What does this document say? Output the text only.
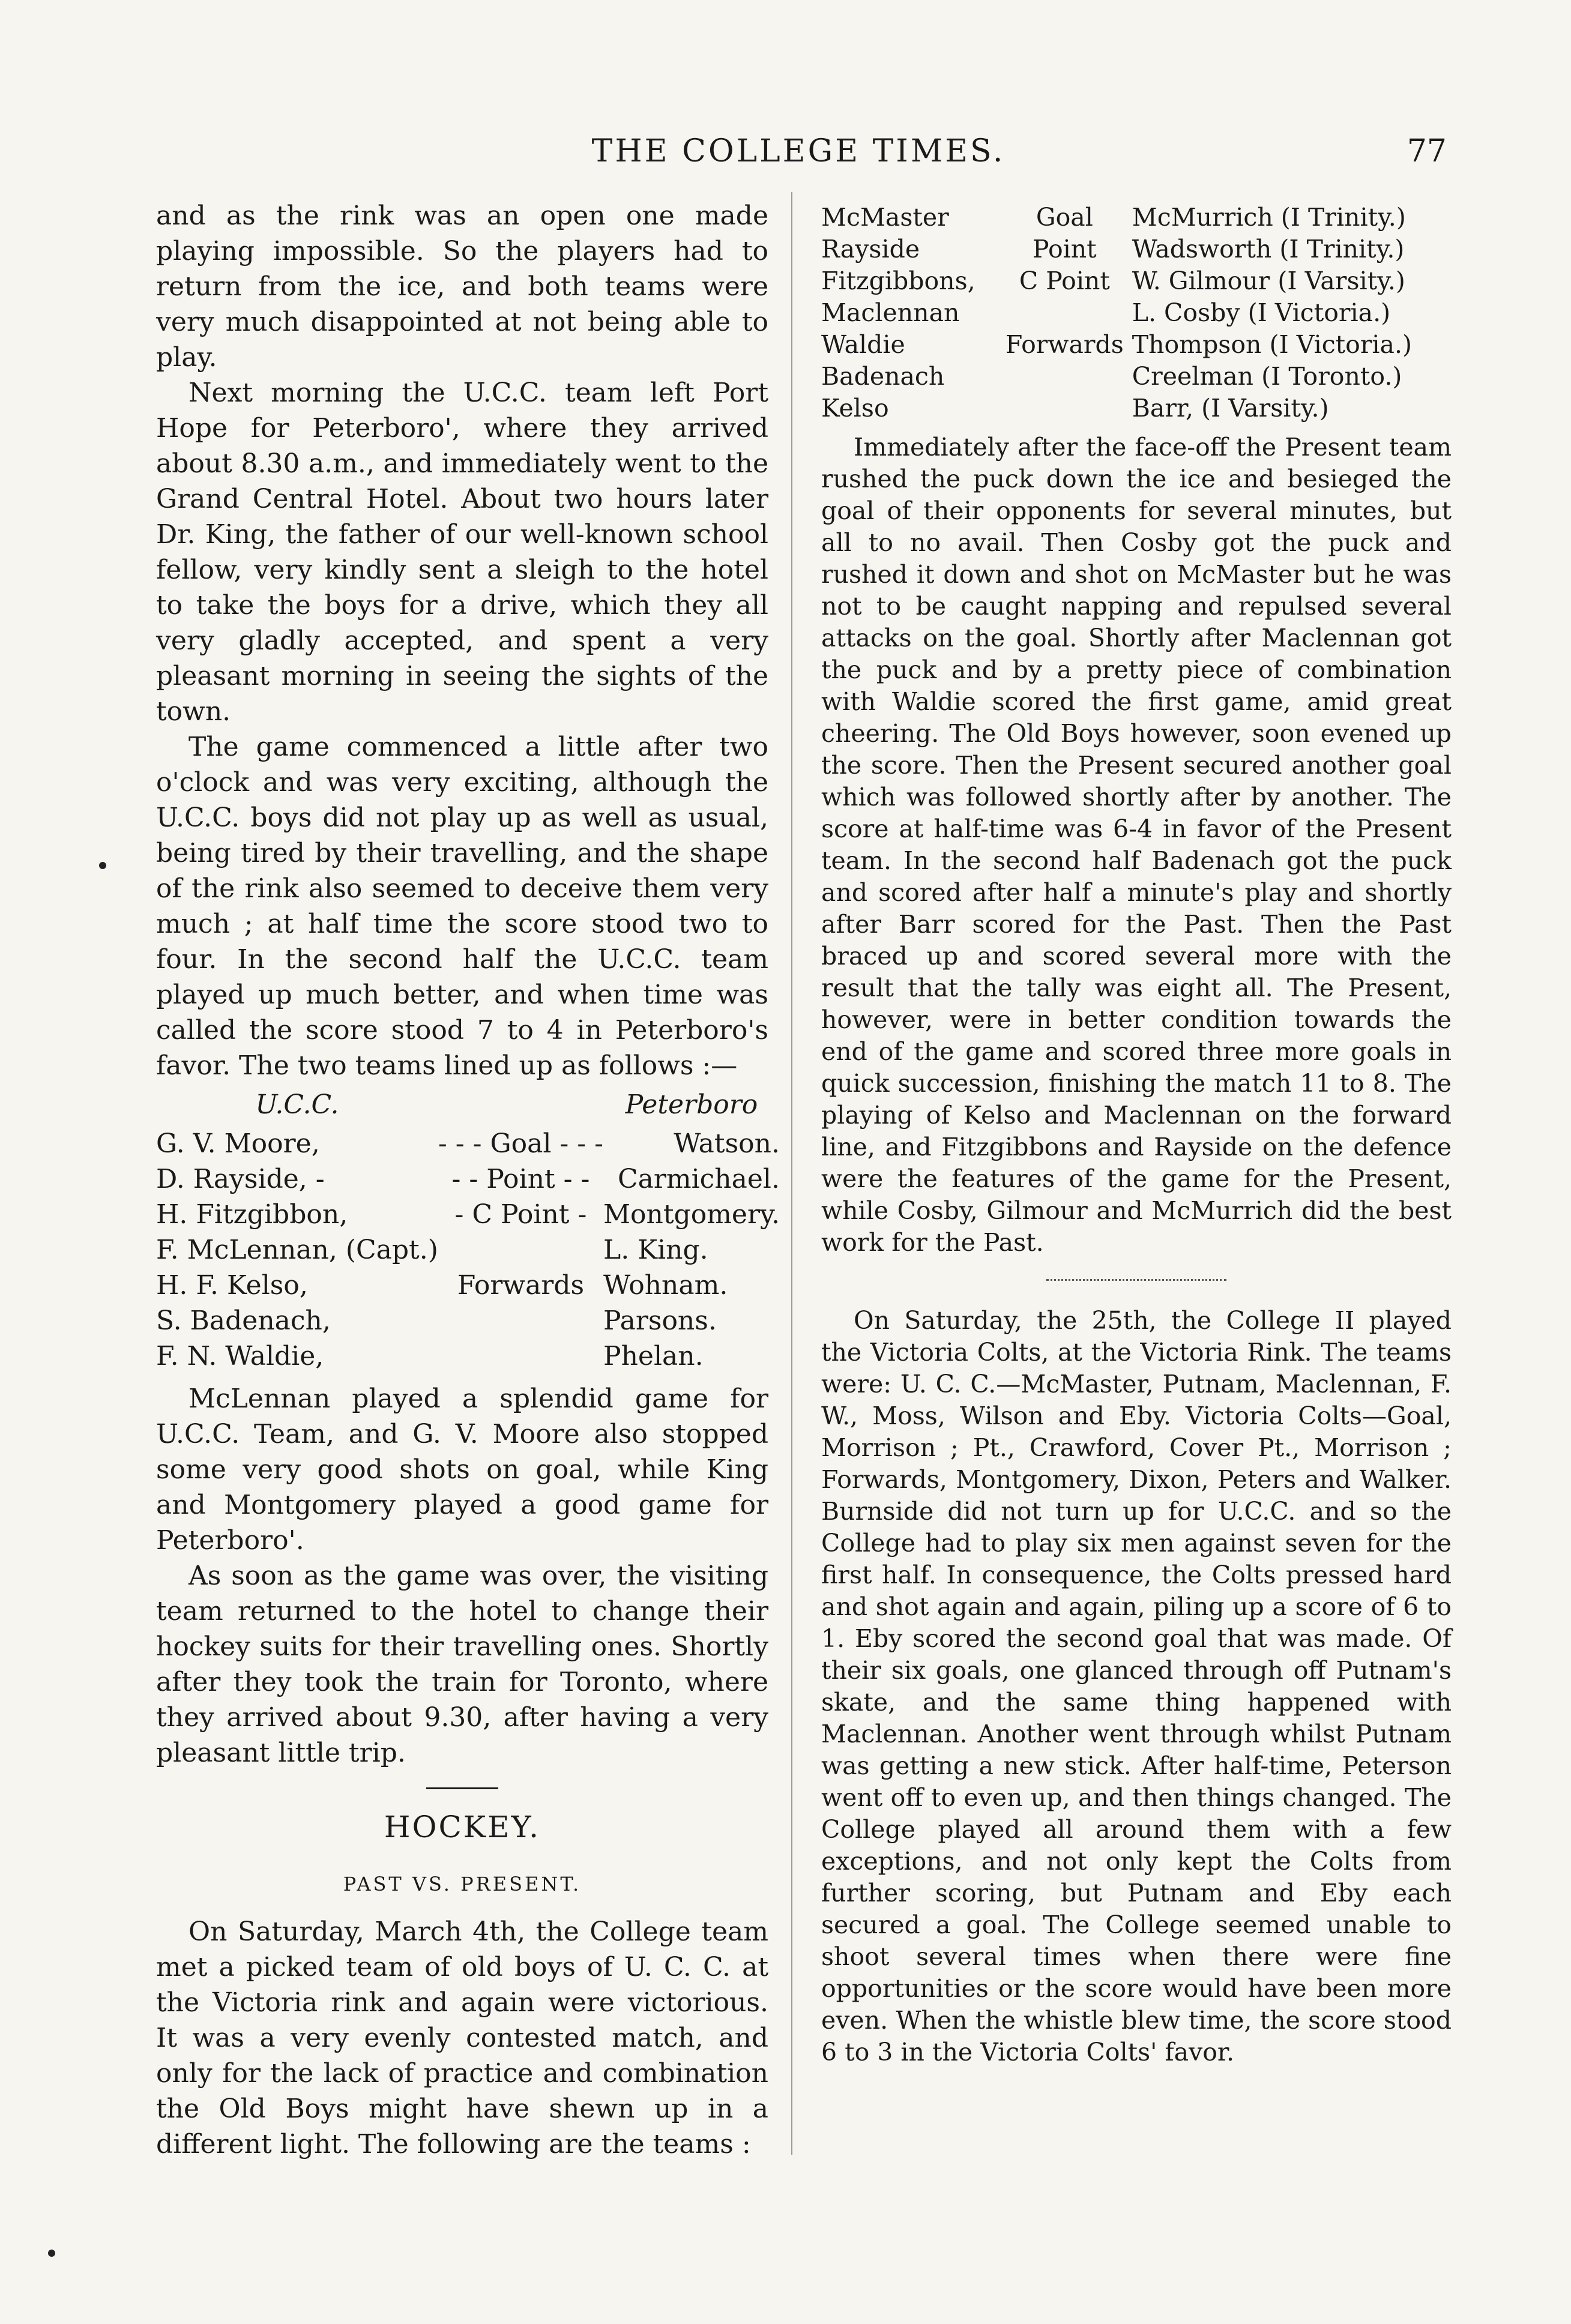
THE COLLEGE TIMES.	77

and as the rink was an open one made playing impossible. So the players had to return from the ice, and both teams were very much disappointed at not being able to play.

Next morning the U.C.C. team left Port Hope for Peterboro', where they arrived about 8.30 a.m., and immediately went to the Grand Central Hotel. About two hours later Dr. King, the father of our well-known school fellow, very kindly sent a sleigh to the hotel to take the boys for a drive, which they all very gladly accepted, and spent a very pleasant morning in seeing the sights of the town.

The game commenced a little after two o'clock and was very exciting, although the U.C.C. boys did not play up as well as usual, being tired by their travelling, and the shape of the rink also seemed to deceive them very much ; at half time the score stood two to four. In the second half the U.C.C. team played up much better, and when time was called the score stood 7 to 4 in Peterboro's favor. The two teams lined up as follows :—

U.C.C.		Peterboro
G. V. Moore,	- - - Goal - - -	Watson.
D. Rayside, -	- - Point - -	Carmichael.
H. Fitzgibbon,	- C Point -	Montgomery.
F. McLennan, (Capt.)		L. King.
H. F. Kelso,	Forwards	Wohnam.
S. Badenach,		Parsons.
F. N. Waldie,		Phelan.

McLennan played a splendid game for U.C.C. Team, and G. V. Moore also stopped some very good shots on goal, while King and Montgomery played a good game for Peterboro'.

As soon as the game was over, the visiting team returned to the hotel to change their hockey suits for their travelling ones. Shortly after they took the train for Toronto, where they arrived about 9.30, after having a very pleasant little trip.

HOCKEY.
PAST VS. PRESENT.

On Saturday, March 4th, the College team met a picked team of old boys of U. C. C. at the Victoria rink and again were victorious. It was a very evenly contested match, and only for the lack of practice and combination the Old Boys might have shewn up in a different light. The following are the teams :

McMaster	Goal	McMurrich (I Trinity.)
Rayside	Point	Wadsworth (I Trinity.)
Fitzgibbons,	C Point	W. Gilmour (I Varsity.)
Maclennan		L. Cosby (I Victoria.)
Waldie	Forwards	Thompson (I Victoria.)
Badenach		Creelman (I Toronto.)
Kelso		Barr, (I Varsity.)

Immediately after the face-off the Present team rushed the puck down the ice and besieged the goal of their opponents for several minutes, but all to no avail. Then Cosby got the puck and rushed it down and shot on McMaster but he was not to be caught napping and repulsed several attacks on the goal. Shortly after Maclennan got the puck and by a pretty piece of combination with Waldie scored the first game, amid great cheering. The Old Boys however, soon evened up the score. Then the Present secured another goal which was followed shortly after by another. The score at half-time was 6-4 in favor of the Present team. In the second half Badenach got the puck and scored after half a minute's play and shortly after Barr scored for the Past. Then the Past braced up and scored several more with the result that the tally was eight all. The Present, however, were in better condition towards the end of the game and scored three more goals in quick succession, finishing the match 11 to 8. The playing of Kelso and Maclennan on the forward line, and Fitzgibbons and Rayside on the defence were the features of the game for the Present, while Cosby, Gilmour and McMurrich did the best work for the Past.

On Saturday, the 25th, the College II played the Victoria Colts, at the Victoria Rink. The teams were: U. C. C.—McMaster, Putnam, Maclennan, F. W., Moss, Wilson and Eby. Victoria Colts—Goal, Morrison ; Pt., Crawford, Cover Pt., Morrison ; Forwards, Montgomery, Dixon, Peters and Walker. Burnside did not turn up for U.C.C. and so the College had to play six men against seven for the first half. In consequence, the Colts pressed hard and shot again and again, piling up a score of 6 to 1. Eby scored the second goal that was made. Of their six goals, one glanced through off Putnam's skate, and the same thing happened with Maclennan. Another went through whilst Putnam was getting a new stick. After half-time, Peterson went off to even up, and then things changed. The College played all around them with a few exceptions, and not only kept the Colts from further scoring, but Putnam and Eby each secured a goal. The College seemed unable to shoot several times when there were fine opportunities or the score would have been more even. When the whistle blew time, the score stood 6 to 3 in the Victoria Colts' favor.
